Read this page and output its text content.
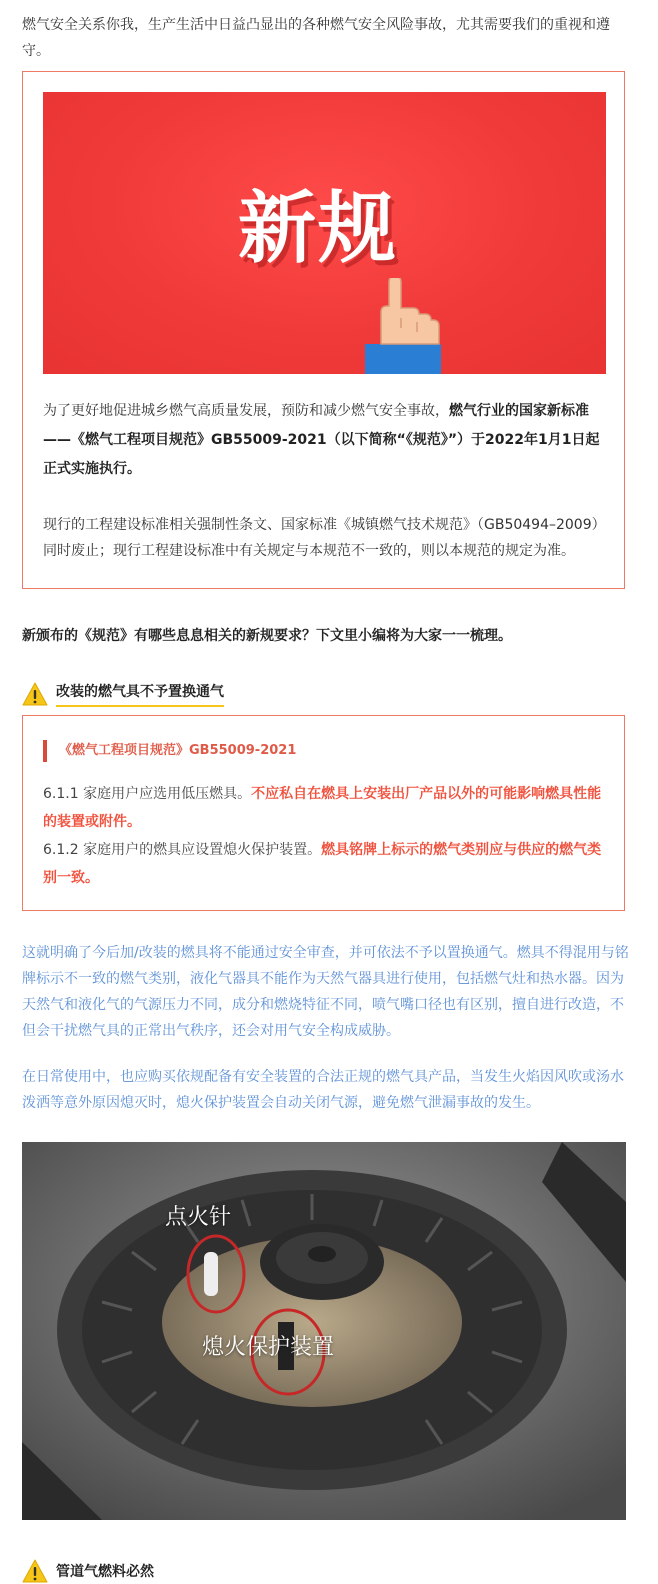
燃气安全关系你我，生产生活中日益凸显出的各种燃气安全风险事故，尤其需要我们的重视和遵守。
新规
为了更好地促进城乡燃气高质量发展，预防和减少燃气安全事故，燃气行业的国家新标准——《燃气工程项目规范》GB55009-2021（以下简称“《规范》”）于2022年1月1日起正式实施执行。
现行的工程建设标准相关强制性条文、国家标准《城镇燃气技术规范》（GB50494–2009）同时废止；现行工程建设标准中有关规定与本规范不一致的，则以本规范的规定为准。
新颁布的《规范》有哪些息息相关的新规要求？下文里小编将为大家一一梳理。
改装的燃气具不予置换通气
《燃气工程项目规范》GB55009-2021
6.1.1 家庭用户应选用低压燃具。不应私自在燃具上安装出厂产品以外的可能影响燃具性能的装置或附件。
6.1.2 家庭用户的燃具应设置熄火保护装置。燃具铭牌上标示的燃气类别应与供应的燃气类别一致。
这就明确了今后加/改装的燃具将不能通过安全审查，并可依法不予以置换通气。燃具不得混用与铭牌标示不一致的燃气类别，液化气器具不能作为天然气器具进行使用，包括燃气灶和热水器。因为天然气和液化气的气源压力不同，成分和燃烧特征不同，喷气嘴口径也有区别，擅自进行改造，不但会干扰燃气具的正常出气秩序，还会对用气安全构成威胁。
在日常使用中，也应购买依规配备有安全装置的合法正规的燃气具产品，当发生火焰因风吹或汤水泼洒等意外原因熄灭时，熄火保护装置会自动关闭气源，避免燃气泄漏事故的发生。
点火针
熄火保护装置
管道气燃料必然
